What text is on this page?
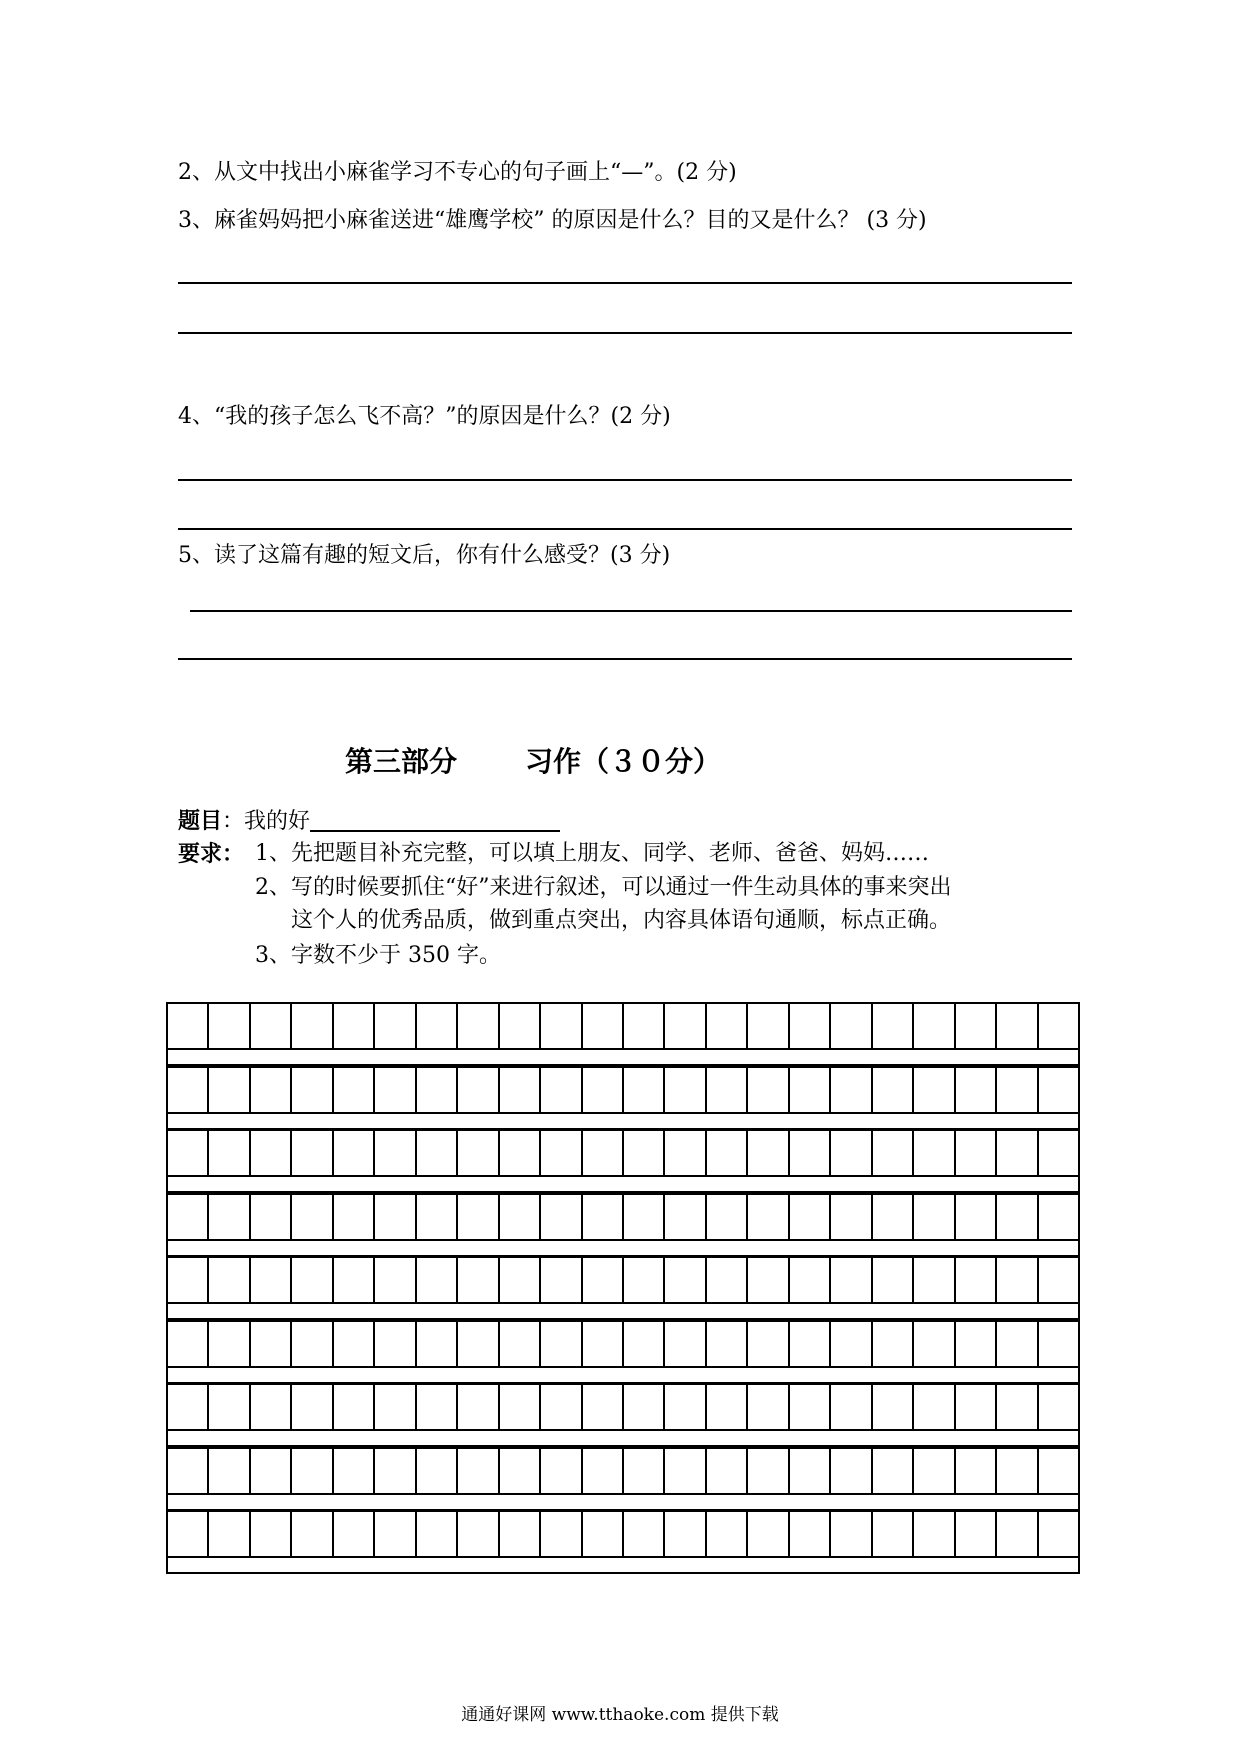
2、从文中找出小麻雀学习不专心的句子画上“—”。(2 分)
3、麻雀妈妈把小麻雀送进“雄鹰学校” 的原因是什么？目的又是什么？ (3 分)
4、“我的孩子怎么飞不高？”的原因是什么？(2 分)
5、读了这篇有趣的短文后，你有什么感受？(3 分)
第三部分 习作（３０分）
题目：我的好
要求： 1、先把题目补充完整，可以填上朋友、同学、老师、爸爸、妈妈……
2、写的时候要抓住“好”来进行叙述，可以通过一件生动具体的事来突出
这个人的优秀品质，做到重点突出，内容具体语句通顺，标点正确。
3、字数不少于 350 字。
通通好课网 www.tthaoke.com 提供下载
